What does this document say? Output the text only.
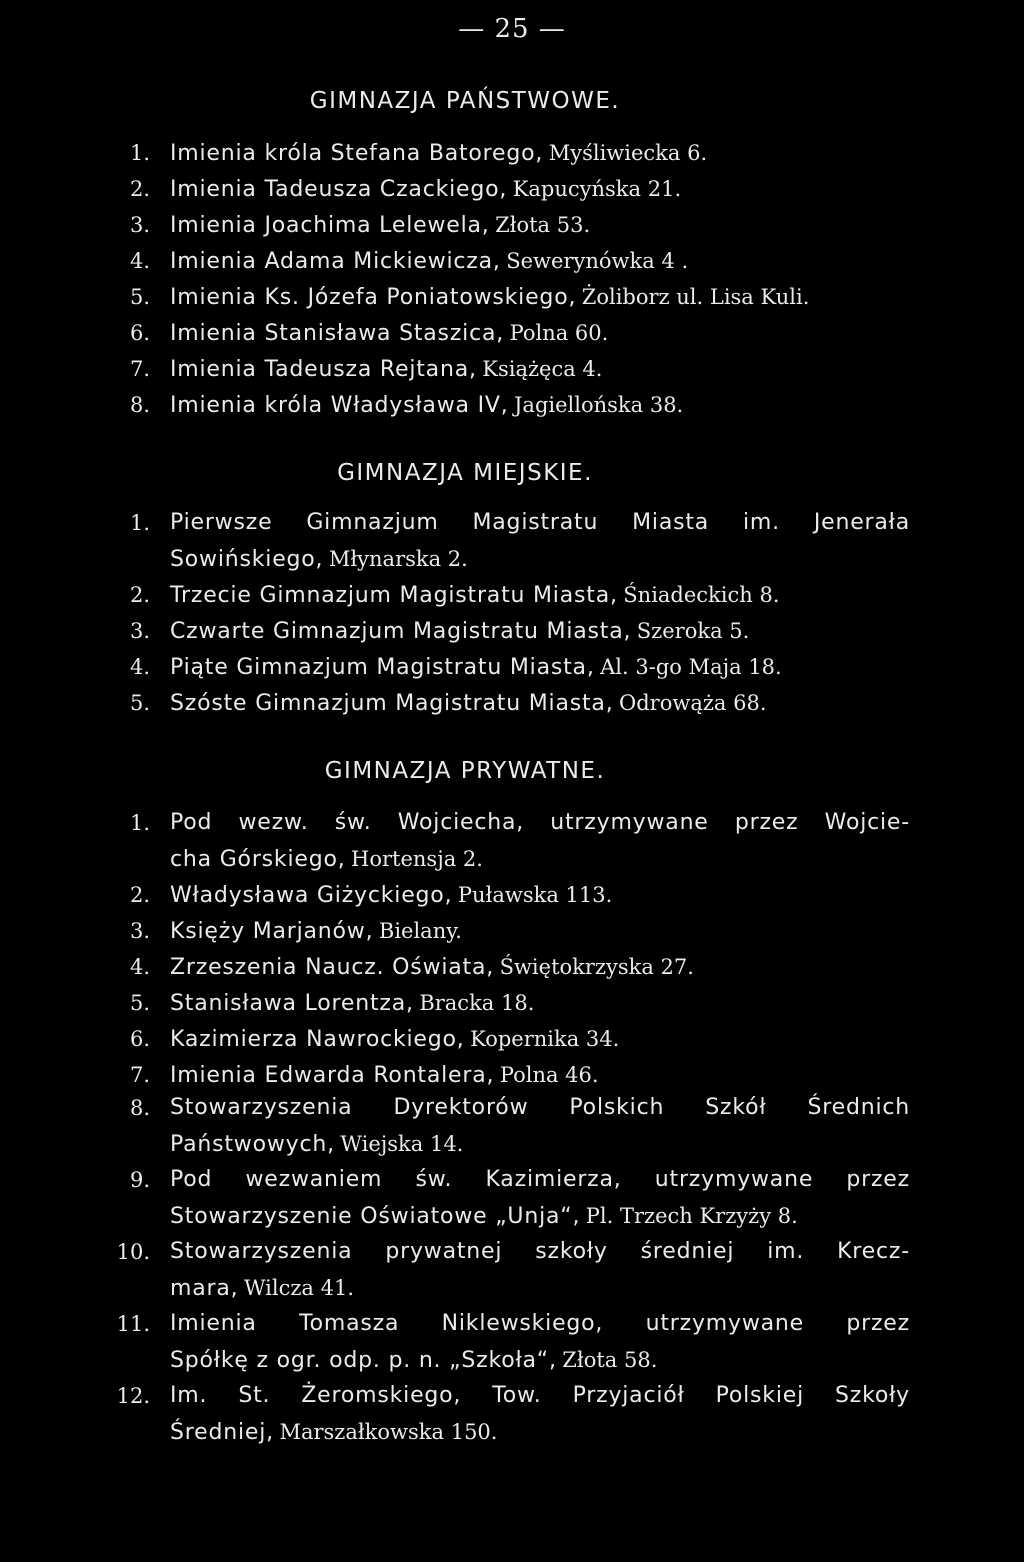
— 25 —
GIMNAZJA PAŃSTWOWE.
1. Imienia króla Stefana Batorego, Myśliwiecka 6.
2. Imienia Tadeusza Czackiego, Kapucyńska 21.
3. Imienia Joachima Lelewela, Złota 53.
4. Imienia Adama Mickiewicza, Sewerynówka 4 .
5. Imienia Ks. Józefa Poniatowskiego, Żoliborz ul. Lisa Kuli.
6. Imienia Stanisława Staszica, Polna 60.
7. Imienia Tadeusza Rejtana, Książęca 4.
8. Imienia króla Władysława IV, Jagiellońska 38.
GIMNAZJA MIEJSKIE.
1. Pierwsze Gimnazjum Magistratu Miasta im. Jenerała
Sowińskiego, Młynarska 2.
2. Trzecie Gimnazjum Magistratu Miasta, Śniadeckich 8.
3. Czwarte Gimnazjum Magistratu Miasta, Szeroka 5.
4. Piąte Gimnazjum Magistratu Miasta, Al. 3-go Maja 18.
5. Szóste Gimnazjum Magistratu Miasta, Odrowąża 68.
GIMNAZJA PRYWATNE.
1. Pod wezw. św. Wojciecha, utrzymywane przez Wojcie-
cha Górskiego, Hortensja 2.
2. Władysława Giżyckiego, Puławska 113.
3. Księży Marjanów, Bielany.
4. Zrzeszenia Naucz. Oświata, Świętokrzyska 27.
5. Stanisława Lorentza, Bracka 18.
6. Kazimierza Nawrockiego, Kopernika 34.
7. Imienia Edwarda Rontalera, Polna 46.
8. Stowarzyszenia Dyrektorów Polskich Szkół Średnich
Państwowych, Wiejska 14.
9. Pod wezwaniem św. Kazimierza, utrzymywane przez
Stowarzyszenie Oświatowe „Unja“, Pl. Trzech Krzyży 8.
10. Stowarzyszenia prywatnej szkoły średniej im. Krecz-
mara, Wilcza 41.
11. Imienia Tomasza Niklewskiego, utrzymywane przez
Spółkę z ogr. odp. p. n. „Szkoła“, Złota 58.
12. Im. St. Żeromskiego, Tow. Przyjaciół Polskiej Szkoły
Średniej, Marszałkowska 150.
